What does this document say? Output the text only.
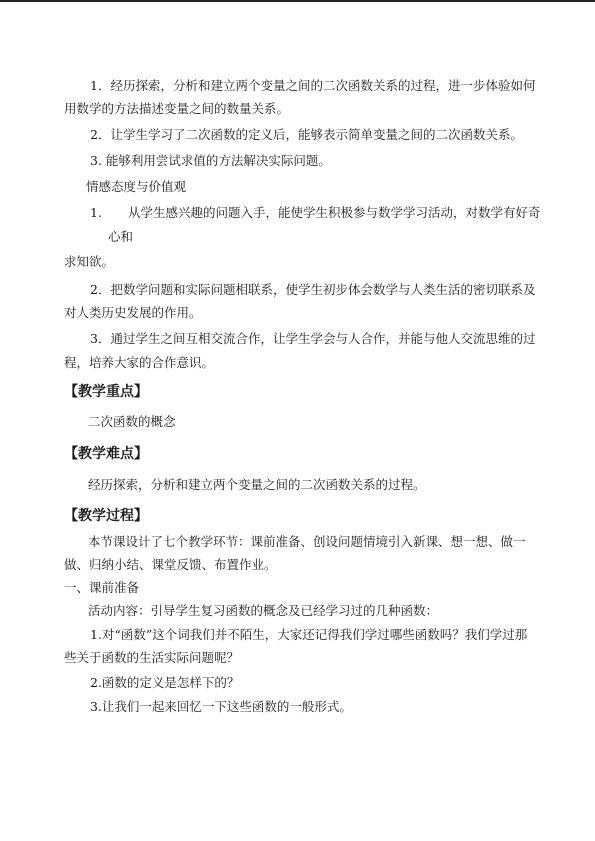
1．经历探索，分析和建立两个变量之间的二次函数关系的过程，进一步体验如何
用数学的方法描述变量之间的数量关系。
2．让学生学习了二次函数的定义后，能够表示简单变量之间的二次函数关系。
3. 能够利用尝试求值的方法解决实际问题。
情感态度与价值观
1. 从学生感兴趣的问题入手，能使学生积极参与数学学习活动，对数学有好奇
心和
求知欲。
2．把数学问题和实际问题相联系，使学生初步体会数学与人类生活的密切联系及
对人类历史发展的作用。
3．通过学生之间互相交流合作，让学生学会与人合作，并能与他人交流思维的过
程，培养大家的合作意识。
【教学重点】
二次函数的概念
【教学难点】
经历探索，分析和建立两个变量之间的二次函数关系的过程。
【教学过程】
本节课设计了七个教学环节：课前准备、创设问题情境引入新课、想一想、做一
做、归纳小结、课堂反馈、布置作业。
一、课前准备
活动内容：引导学生复习函数的概念及已经学习过的几种函数：
1.对“函数”这个词我们并不陌生，大家还记得我们学过哪些函数吗？我们学过那
些关于函数的生活实际问题呢？
2.函数的定义是怎样下的？
3.让我们一起来回忆一下这些函数的一般形式。
